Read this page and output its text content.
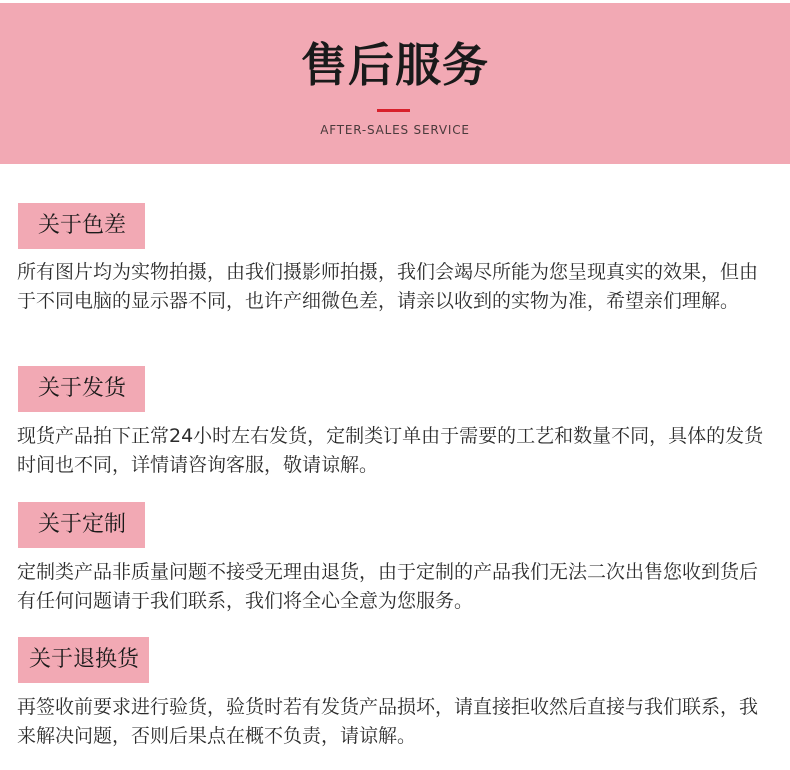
售后服务
AFTER-SALES SERVICE
关于色差
所有图片均为实物拍摄，由我们摄影师拍摄，我们会竭尽所能为您呈现真实的效果，但由于不同电脑的显示器不同，也许产细微色差，请亲以收到的实物为准，希望亲们理解。
关于发货
现货产品拍下正常24小时左右发货，定制类订单由于需要的工艺和数量不同，具体的发货时间也不同，详情请咨询客服，敬请谅解。
关于定制
定制类产品非质量问题不接受无理由退货，由于定制的产品我们无法二次出售您收到货后有任何问题请于我们联系，我们将全心全意为您服务。
关于退换货
再签收前要求进行验货，验货时若有发货产品损坏，请直接拒收然后直接与我们联系，我来解决问题，否则后果点在概不负责，请谅解。
